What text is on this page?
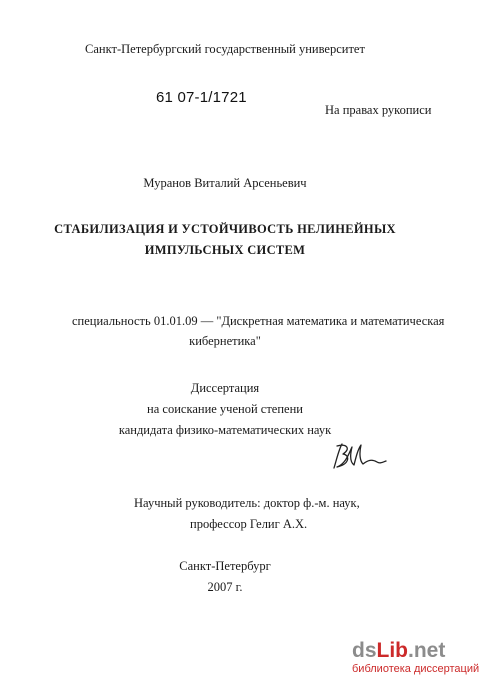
Санкт-Петербургский государственный университет
61 07-1/1721
На правах рукописи
Муранов Виталий Арсеньевич
СТАБИЛИЗАЦИЯ И УСТОЙЧИВОСТЬ НЕЛИНЕЙНЫХ
ИМПУЛЬСНЫХ СИСТЕМ
специальность 01.01.09 — "Дискретная математика и математическая
кибернетика"
Диссертация
на соискание ученой степени
кандидата физико-математических наук
Научный руководитель: доктор ф.-м. наук,
профессор Гелиг А.Х.
Санкт-Петербург
2007 г.
dsLib.net
библиотека диссертаций
